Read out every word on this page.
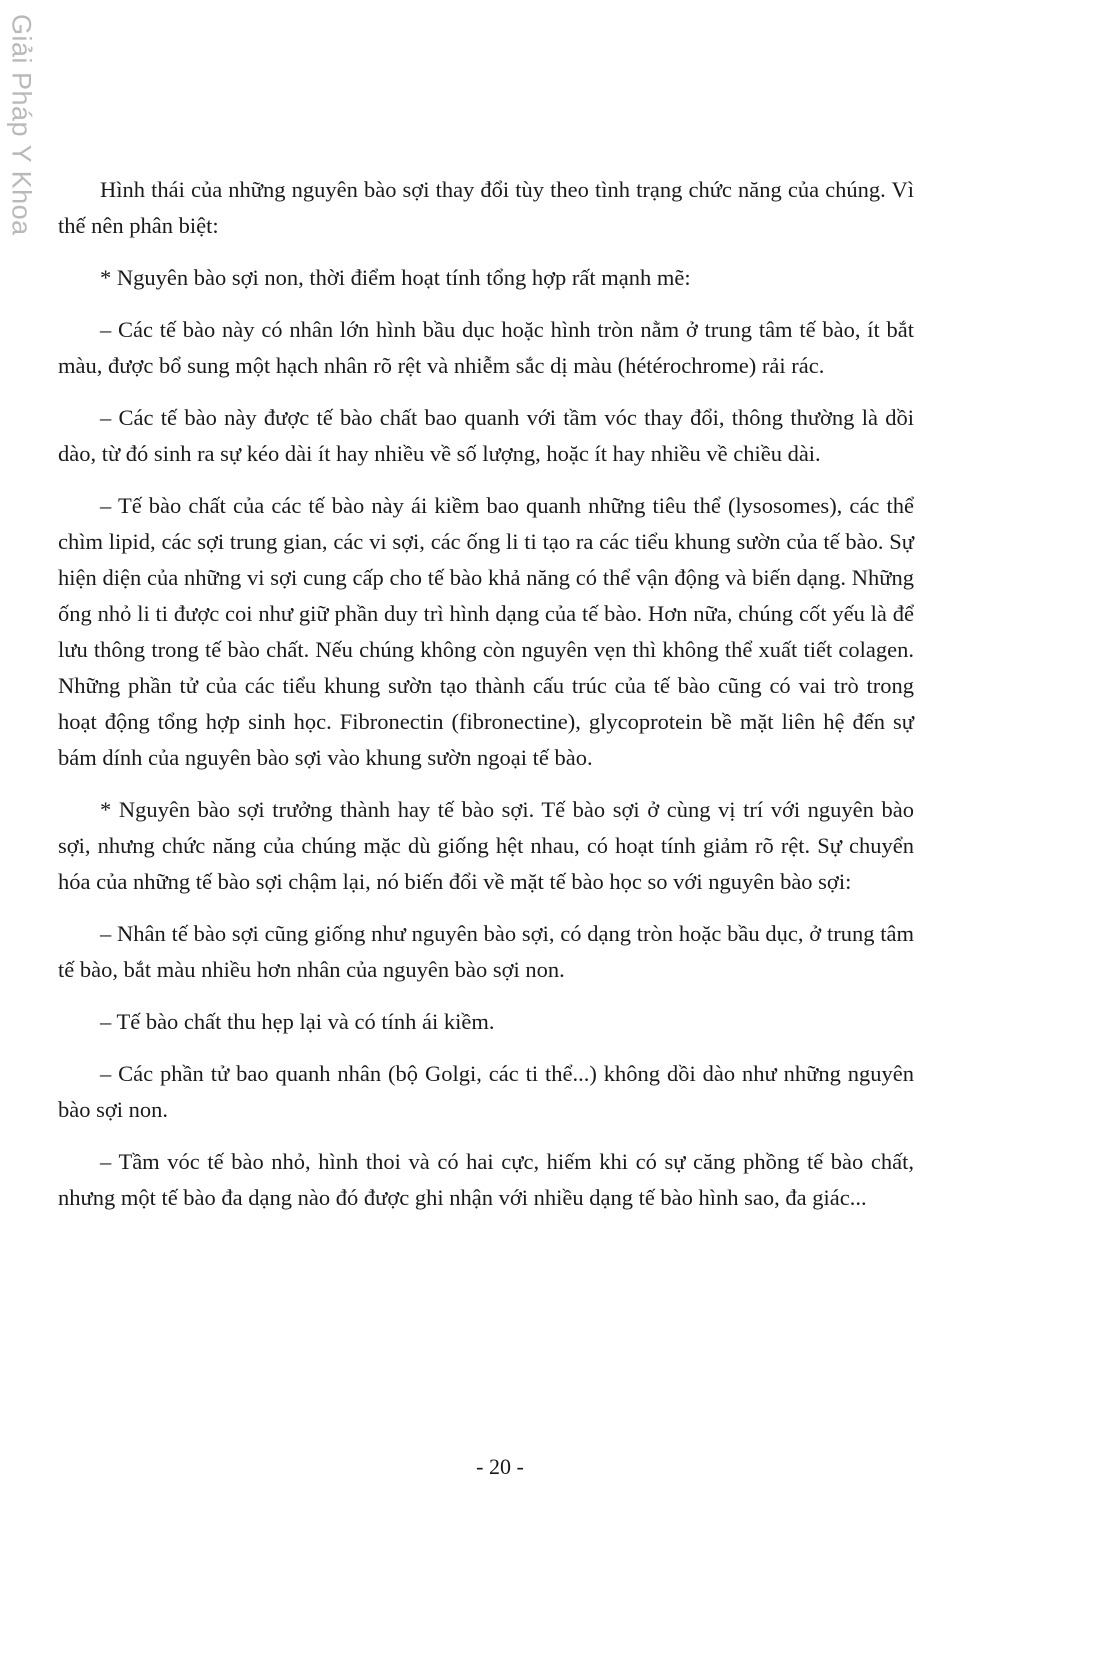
Giải Pháp Y Khoa	Hình thái của những nguyên bào sợi thay đổi tùy theo tình trạng chức năng của chúng. Vì thế nên phân biệt:

* Nguyên bào sợi non, thời điểm hoạt tính tổng hợp rất mạnh mẽ:

– Các tế bào này có nhân lớn hình bầu dục hoặc hình tròn nằm ở trung tâm tế bào, ít bắt màu, được bổ sung một hạch nhân rõ rệt và nhiễm sắc dị màu (hétérochrome) rải rác.

– Các tế bào này được tế bào chất bao quanh với tầm vóc thay đổi, thông thường là dồi dào, từ đó sinh ra sự kéo dài ít hay nhiều về số lượng, hoặc ít hay nhiều về chiều dài.

– Tế bào chất của các tế bào này ái kiềm bao quanh những tiêu thể (lysosomes), các thể chìm lipid, các sợi trung gian, các vi sợi, các ống li ti tạo ra các tiểu khung sườn của tế bào. Sự hiện diện của những vi sợi cung cấp cho tế bào khả năng có thể vận động và biến dạng. Những ống nhỏ li ti được coi như giữ phần duy trì hình dạng của tế bào. Hơn nữa, chúng cốt yếu là để lưu thông trong tế bào chất. Nếu chúng không còn nguyên vẹn thì không thể xuất tiết colagen. Những phần tử của các tiểu khung sườn tạo thành cấu trúc của tế bào cũng có vai trò trong hoạt động tổng hợp sinh học. Fibronectin (fibronectine), glycoprotein bề mặt liên hệ đến sự bám dính của nguyên bào sợi vào khung sườn ngoại tế bào.

* Nguyên bào sợi trưởng thành hay tế bào sợi. Tế bào sợi ở cùng vị trí với nguyên bào sợi, nhưng chức năng của chúng mặc dù giống hệt nhau, có hoạt tính giảm rõ rệt. Sự chuyển hóa của những tế bào sợi chậm lại, nó biến đổi về mặt tế bào học so với nguyên bào sợi:

– Nhân tế bào sợi cũng giống như nguyên bào sợi, có dạng tròn hoặc bầu dục, ở trung tâm tế bào, bắt màu nhiều hơn nhân của nguyên bào sợi non.

– Tế bào chất thu hẹp lại và có tính ái kiềm.

– Các phần tử bao quanh nhân (bộ Golgi, các ti thể...) không dồi dào như những nguyên bào sợi non.

– Tầm vóc tế bào nhỏ, hình thoi và có hai cực, hiếm khi có sự căng phồng tế bào chất, nhưng một tế bào đa dạng nào đó được ghi nhận với nhiều dạng tế bào hình sao, đa giác...

- 20 -
